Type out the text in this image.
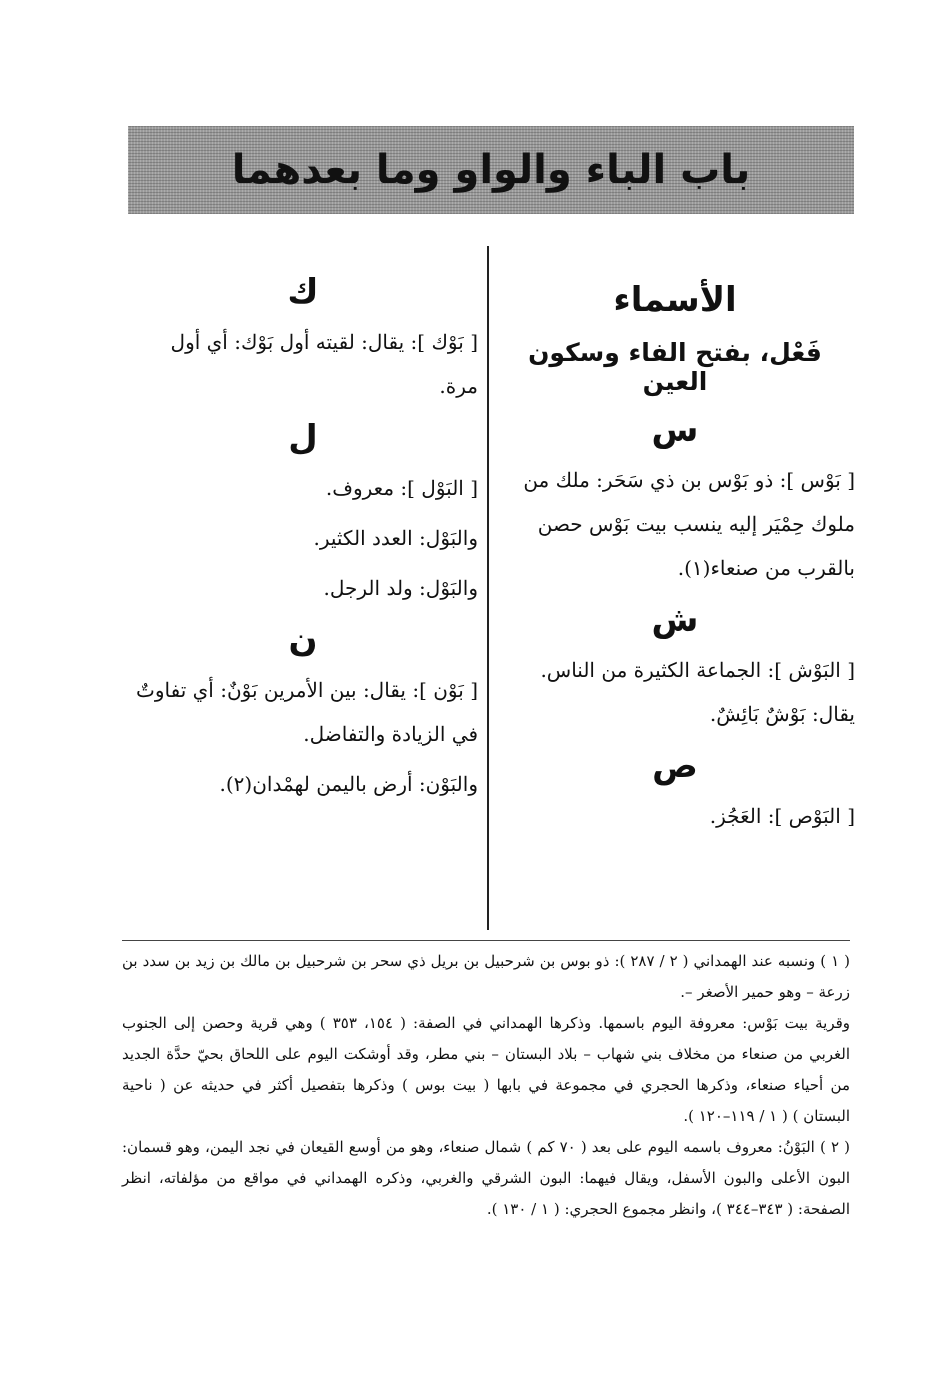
باب الباء والواو وما بعدهما
الأسماء
فَعْل، بفتح الفاء وسكون العين
س

[ بَوْس ]: ذو بَوْس بن ذي سَحَر: ملك من ملوك حِمْيَر إليه ينسب بيت بَوْس حصن بالقرب من صنعاء(١).

ش

[ البَوْش ]: الجماعة الكثيرة من الناس. يقال: بَوْشٌ بَائِشٌ.

ص

[ البَوْص ]: العَجُز.

ك

[ بَوْك ]: يقال: لقيته أول بَوْك: أي أول مرة.

ل

[ البَوْل ]: معروف.

والبَوْل: العدد الكثير.

والبَوْل: ولد الرجل.

ن

[ بَوْن ]: يقال: بين الأمرين بَوْنٌ: أي تفاوتٌ في الزيادة والتفاضل.

والبَوْن: أرض باليمن لهمْدان(٢).

( ١ ) ونسبه عند الهمداني ( ٢ / ٢٨٧ ): ذو بوس بن شرحبيل بن بريل ذي سحر بن شرحبيل بن مالك بن زيد بن سدد بن زرعة – وهو حمير الأصغر –.

وقرية بيت بَوْس: معروفة اليوم باسمها. وذكرها الهمداني في الصفة: ( ١٥٤، ٣٥٣ ) وهي قرية وحصن إلى الجنوب الغربي من صنعاء من مخلاف بني شهاب – بلاد البستان – بني مطر، وقد أوشكت اليوم على اللحاق بحيّ حدَّة الجديد من أحياء صنعاء، وذكرها الحجري في مجموعة في بابها ( بيت بوس ) وذكرها بتفصيل أكثر في حديثه عن ( ناحية البستان ) ( ١ / ١١٩–١٢٠ ).

( ٢ ) البَوْنُ: معروف باسمه اليوم على بعد ( ٧٠ كم ) شمال صنعاء، وهو من أوسع القيعان في نجد اليمن، وهو قسمان: البون الأعلى والبون الأسفل، ويقال فيهما: البون الشرقي والغربي، وذكره الهمداني في مواقع من مؤلفاته، انظر الصفحة: ( ٣٤٣–٣٤٤ )، وانظر مجموع الحجري: ( ١ / ١٣٠ ).
